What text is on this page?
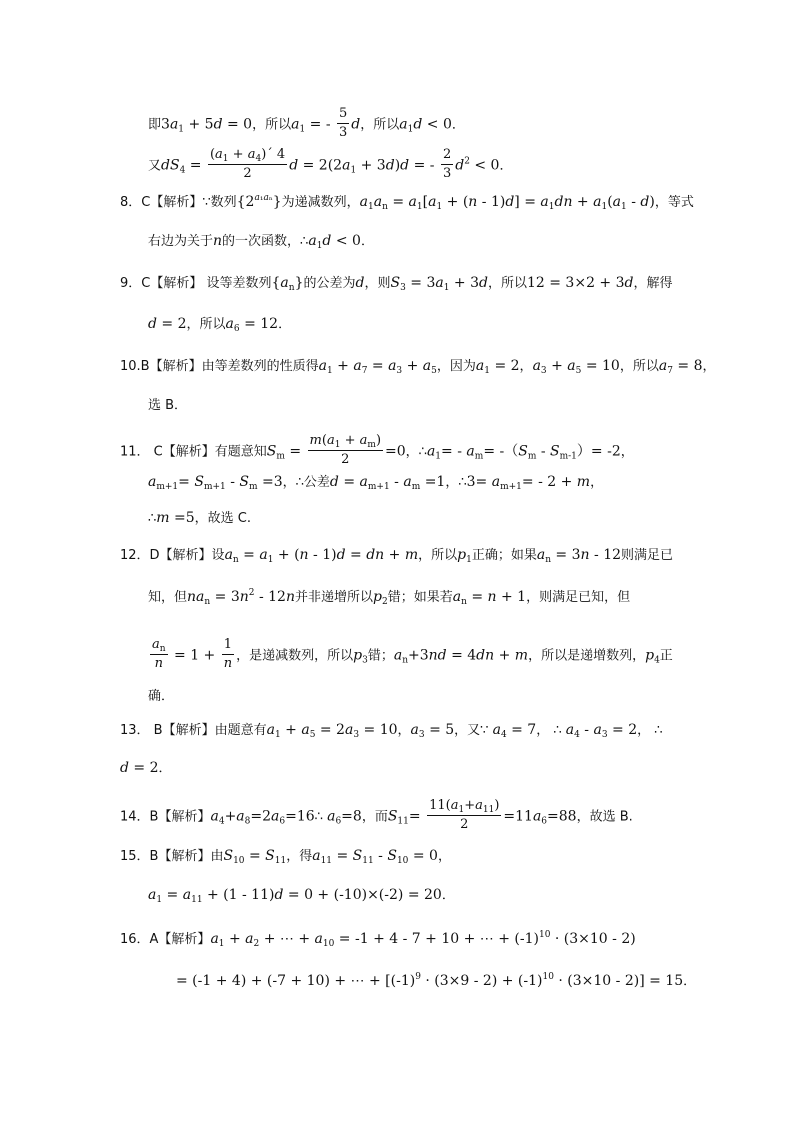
即$3a_1 + 5d = 0$，所以$a_1$ = - $\frac{5}{3}$ d，所以$a_1d < 0$．
又$dS_4 = \frac{(a_1 + a_4)´ 4}{2}$ $d = 2(2a_1 + 3d)d$ = - $\frac{2}{3} d^2 < 0$．
8．C【解析】∵数列$\{2^{a_1a_n}\}$为递减数列，$a_1a_n = a_1[a_1 + (n - 1)d] = a_1dn + a_1(a_1 - d)$，等式
右边为关于n的一次函数，$\therefore a_1d < 0$．
9．C【解析】 设等差数列$\{a_n\}$的公差为d，则$S_3 = 3a_1 + 3d$，所以12 = 3×2 + 3d，解得
d = 2，所以$a_6 = 12$．
10.B【解析】由等差数列的性质得$a_1 + a_7 = a_3 + a_5$，因为$a_1 = 2$，$a_3 + a_5 = 10$，所以$a_7 = 8$，
选 B．
11． C【解析】有题意知$S_m = \frac{m(a_1 + a_m)}{2} =0$，$\therefore a_1= - a_m= -(S_m - S_{m-1})= -2$，
$a_{m+1}= S_{m+1} - S_m =3$，∴公差$d = a_{m+1} - a_m =1$，∴3= $a_{m+1}= - 2 + m$，
∴m =5，故选 C.
12．D【解析】设$a_n = a_1 + (n - 1)d$ = dn + m，所以$p_1$正确；如果$a_n = 3n - 12$则满足已
知，但$na_n = 3n^2 - 12n$并非递增所以$p_2$错；如果若$a_n = n + 1$，则满足已知，但
$\frac{a_n}{n} = 1 + \frac{1}{n}$ ，是递减数列，所以$p_3$错；$a_n+3nd = 4dn + m$，所以是递增数列，$p_4$正
确．
13． B【解析】由题意有$a_1 + a_5 = 2a_3 = 10$，$a_3 = 5$，又∵ $a_4 = 7$， ∴ $a_4 - a_3 = 2$， ∴
d = 2．
14．B【解析】$a_4+a_8=2a_6=16\therefore$ $a_6=8$，而$S_{11}= \frac{11(a_1+a_{11})}{2} =11a_6=88$，故选 B.
15．B【解析】由$S_{10} = S_{11}$，得$a_{11} = S_{11} - S_{10} = 0$，
$a_1 = a_{11} + (1 - 11)d = 0 + (-10)\times(-2) = 20$．
16．A【解析】$a_1 + a_2$ + ⋯ + $a_{10} = -1 + 4 - 7 + 10$ + ⋯ + $(-1)^{10} \cdot (3\times 10 - 2)$
= (-1 + 4) + (-7 + 10) + ⋯ + $[(-1)^9 \cdot (3\times 9 - 2) + (-1)^{10} \cdot (3\times 10 - 2)] = 15$．
